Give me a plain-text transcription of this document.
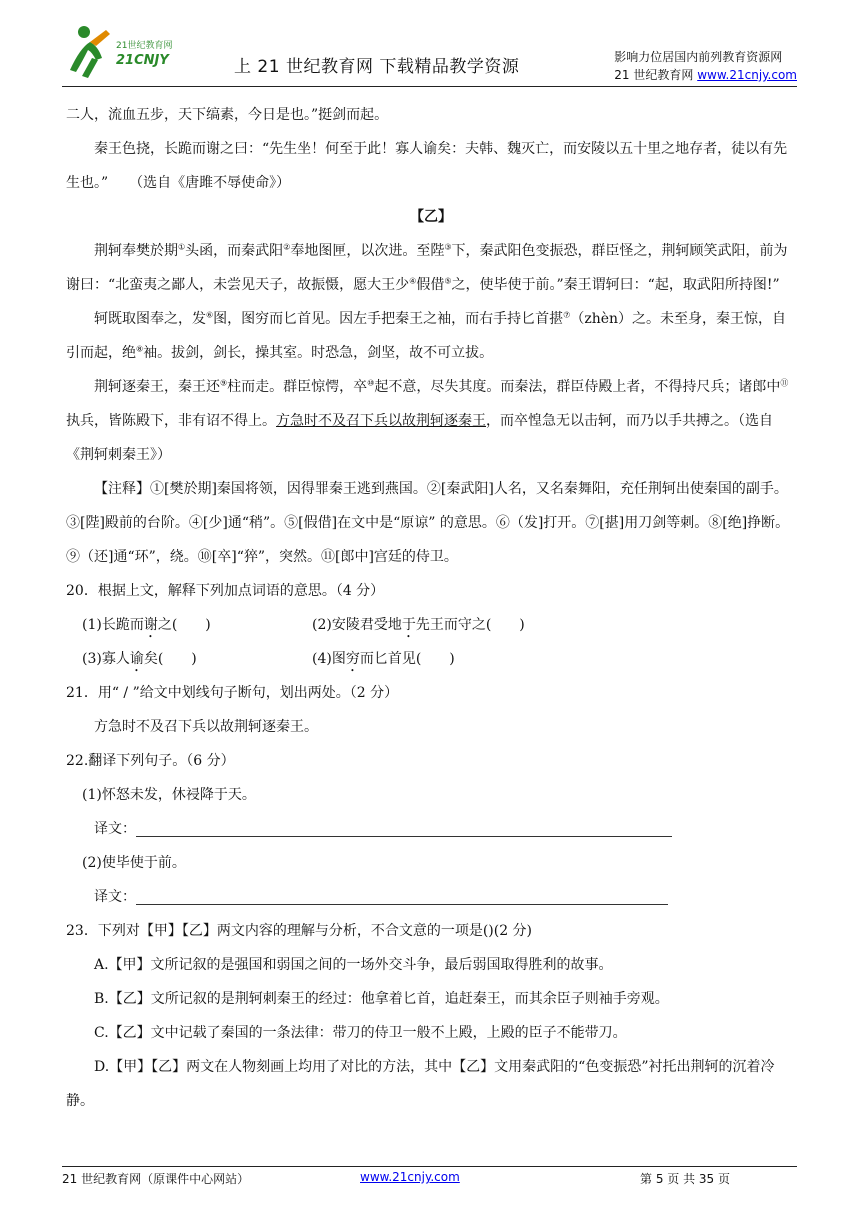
21世纪教育网
21CNJY	上 21 世纪教育网 下载精品教学资源	影响力位居国内前列教育资源网
21 世纪教育网 www.21cnjy.com

二人，流血五步，天下缟素，今日是也。”挺剑而起。

秦王色挠，长跪而谢之曰：“先生坐！何至于此！寡人谕矣：夫韩、魏灭亡，而安陵以五十里之地存者，徒以有先生也。”　　（选自《唐雎不辱使命》）

【乙】

荆轲奉樊於期①头函，而秦武阳②奉地图匣，以次进。至陛③下，秦武阳色变振恐，群臣怪之，荆轲顾笑武阳，前为谢曰：“北蛮夷之鄙人，未尝见天子，故振慑，愿大王少④假借⑤之，使毕使于前。”秦王谓轲曰：“起，取武阳所持图!”

轲既取图奉之，发⑥图，图穷而匕首见。因左手把秦王之袖，而右手持匕首揕⑦（zhèn）之。未至身，秦王惊，自引而起，绝⑧袖。拔剑，剑长，操其室。时恐急，剑坚，故不可立拔。

荆轲逐秦王，秦王还⑨柱而走。群臣惊愕，卒⑩起不意，尽失其度。而秦法，群臣侍殿上者，不得持尺兵；诸郎中⑪执兵，皆陈殿下，非有诏不得上。方急时不及召下兵以故荆轲逐秦王，而卒惶急无以击轲，而乃以手共搏之。（选自《荆轲刺秦王》）

【注释】①[樊於期]秦国将领，因得罪秦王逃到燕国。②[秦武阳]人名，又名秦舞阳，充任荆轲出使秦国的副手。③[陛]殿前的台阶。④[少]通“稍”。⑤[假借]在文中是“原谅” 的意思。⑥（发]打开。⑦[揕]用刀剑等刺。⑧[绝]挣断。⑨（还]通“环”，绕。⑩[卒]“猝”，突然。⑪[郎中]宫廷的侍卫。

20．根据上文，解释下列加点词语的意思。（4 分）

(1)长跪而谢之(　　)	(2)安陵君受地于先王而守之(　　)
(3)寡人谕矣(　　)	(4)图穷而匕首见(　　)

21．用“ / ”给文中划线句子断句，划出两处。（2 分）

方急时不及召下兵以故荆轲逐秦王。

22.翻译下列句子。（6 分）

(1)怀怒未发，休祲降于天。

译文：

(2)使毕使于前。

译文：

23．下列对【甲】【乙】两文内容的理解与分析，不合文意的一项是()(2 分)

A.【甲】文所记叙的是强国和弱国之间的一场外交斗争，最后弱国取得胜利的故事。

B.【乙】文所记叙的是荆轲刺秦王的经过：他拿着匕首，追赶秦王，而其余臣子则袖手旁观。

C.【乙】文中记载了秦国的一条法律：带刀的侍卫一般不上殿，上殿的臣子不能带刀。

D.【甲】【乙】两文在人物刻画上均用了对比的方法，其中【乙】文用秦武阳的“色变振恐”衬托出荆轲的沉着冷静。

21 世纪教育网（原课件中心网站）	www.21cnjy.com	第 5 页 共 35 页
